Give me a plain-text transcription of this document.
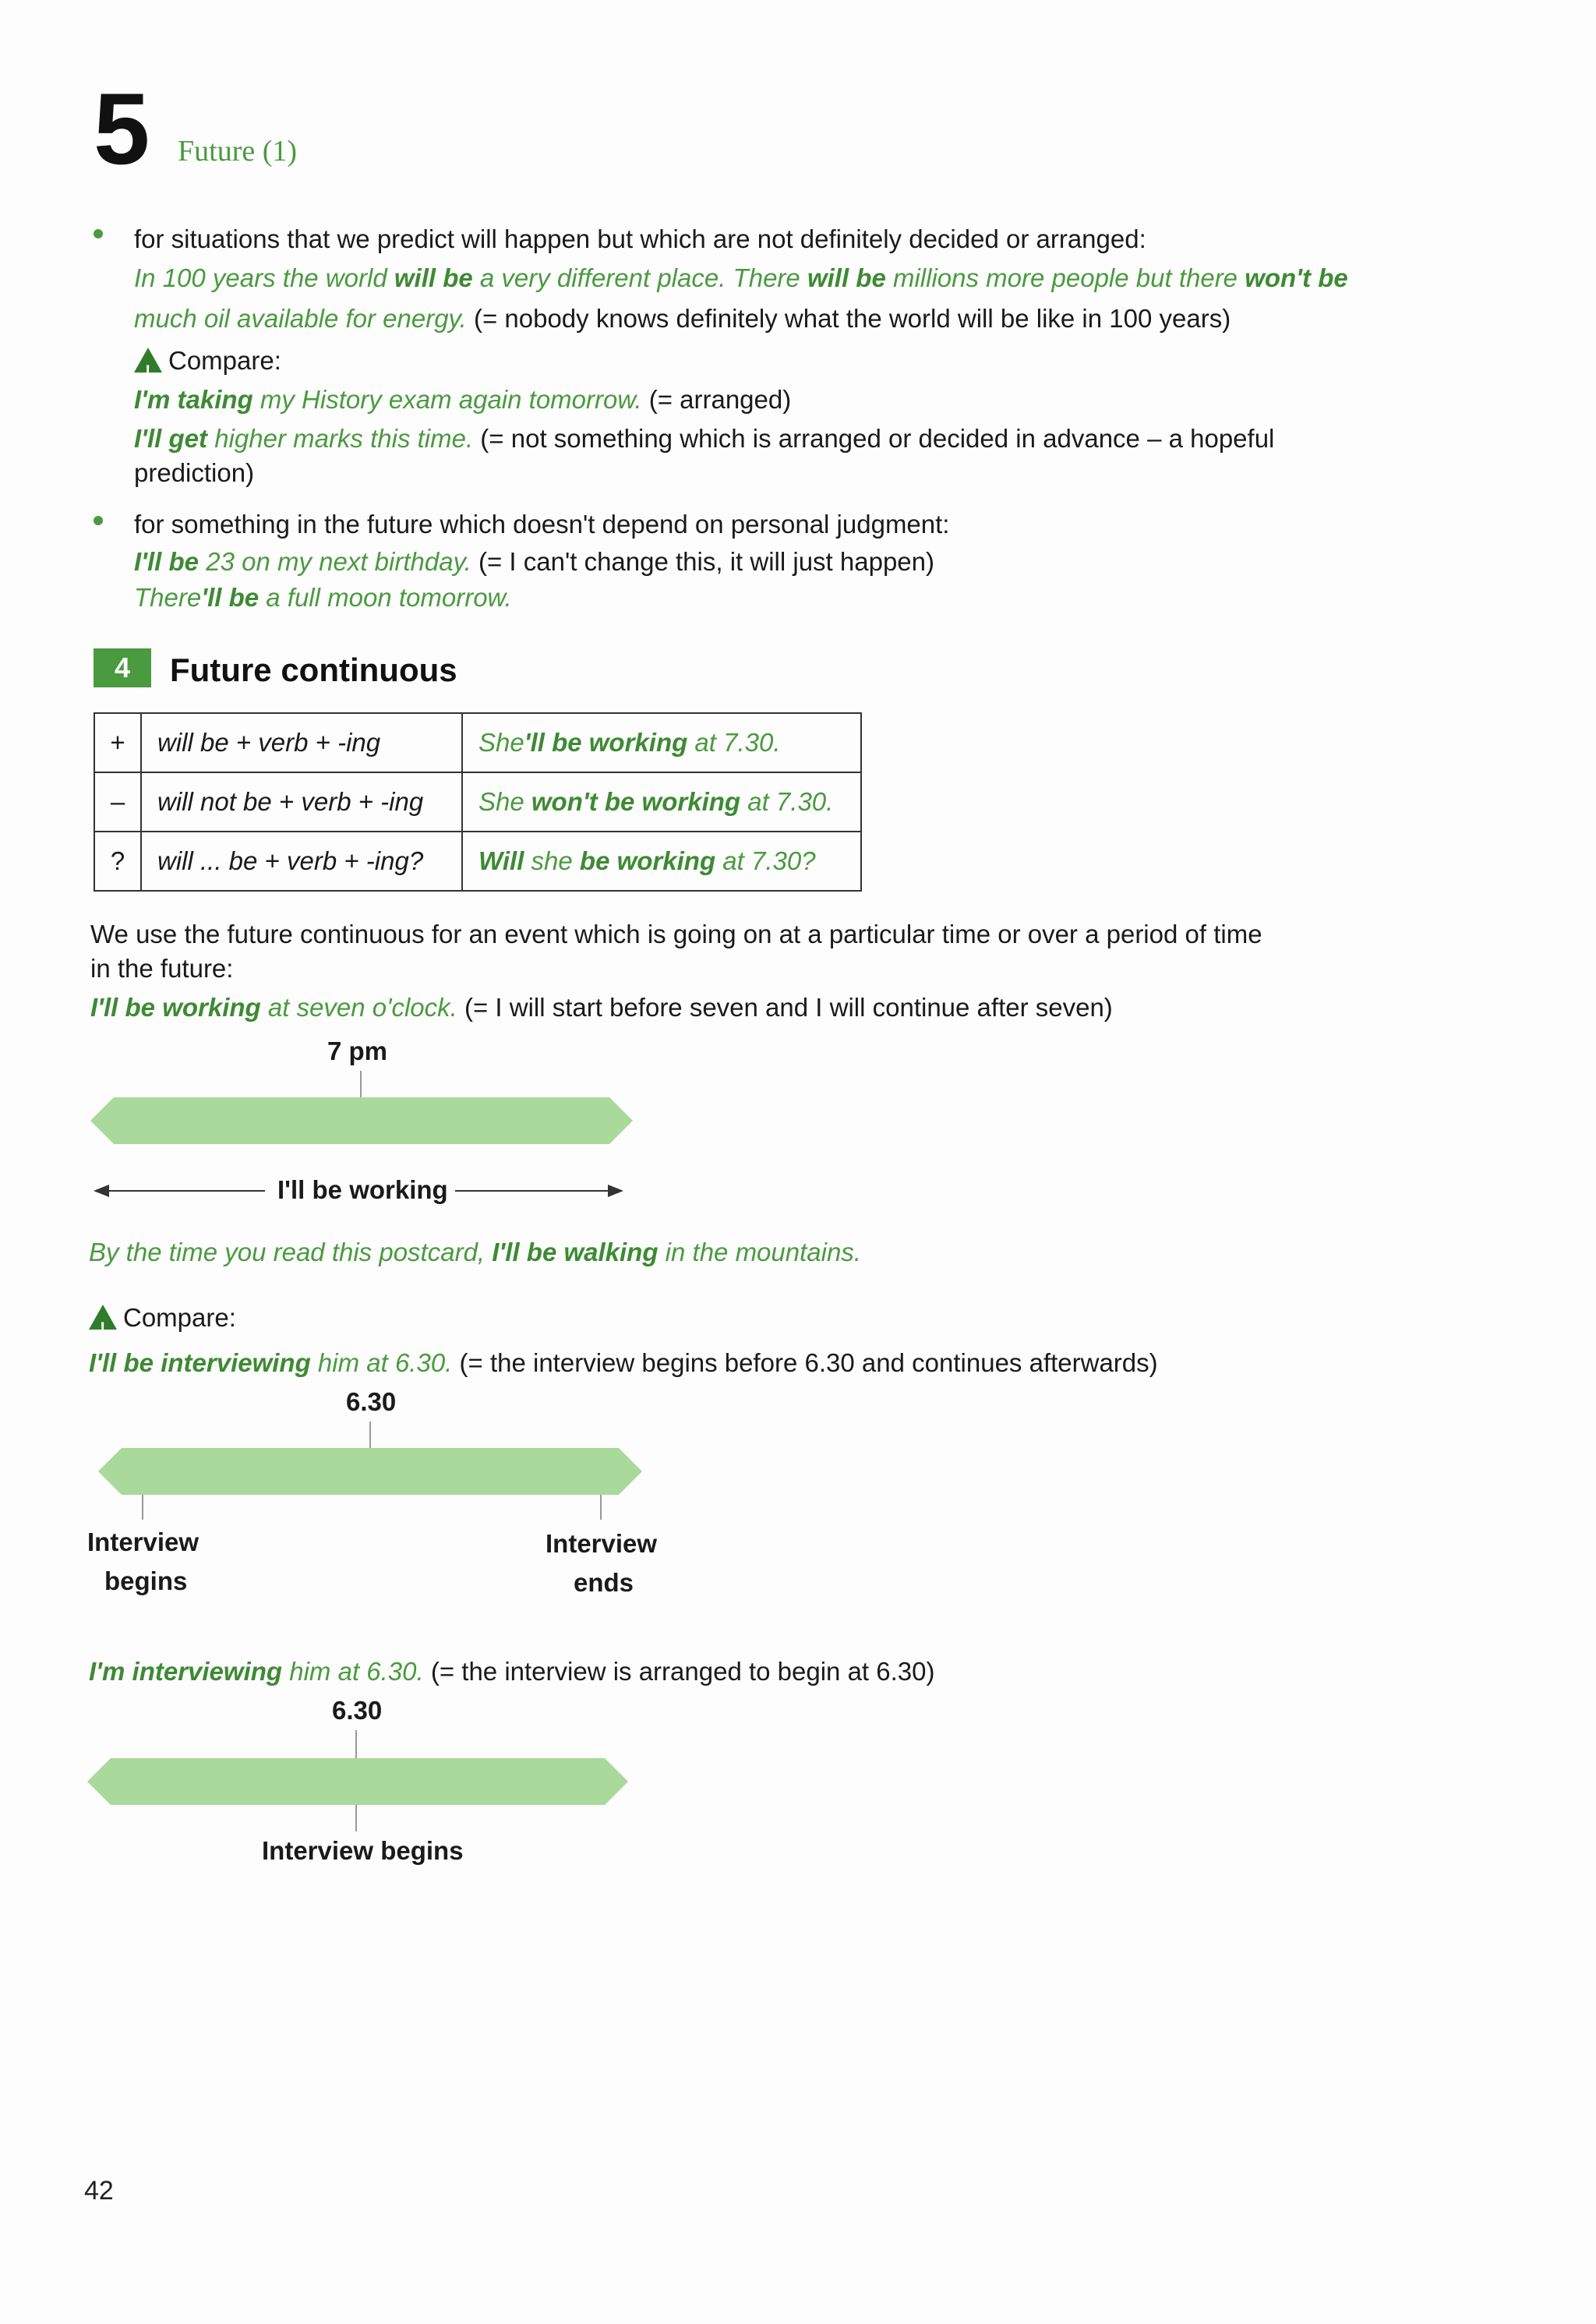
5 Future (1)
for situations that we predict will happen but which are not definitely decided or arranged:
In 100 years the world will be a very different place. There will be millions more people but there won't be
much oil available for energy. (= nobody knows definitely what the world will be like in 100 years)
!Compare:
I'm taking my History exam again tomorrow. (= arranged)
I'll get higher marks this time. (= not something which is arranged or decided in advance – a hopeful
prediction)
for something in the future which doesn't depend on personal judgment:
I'll be 23 on my next birthday. (= I can't change this, it will just happen)
There'll be a full moon tomorrow.
4	Future continuous
+	will be + verb + -ing	She'll be working at 7.30.
–	will not be + verb + -ing	She won't be working at 7.30.
?	will ... be + verb + -ing?	Will she be working at 7.30?
We use the future continuous for an event which is going on at a particular time or over a period of time
in the future:
I'll be working at seven o'clock. (= I will start before seven and I will continue after seven)
7 pm
I'll be working
By the time you read this postcard, I'll be walking in the mountains.
!Compare:
I'll be interviewing him at 6.30. (= the interview begins before 6.30 and continues afterwards)
6.30
Interview
begins
Interview
ends
I'm interviewing him at 6.30. (= the interview is arranged to begin at 6.30)
6.30
Interview begins
42
